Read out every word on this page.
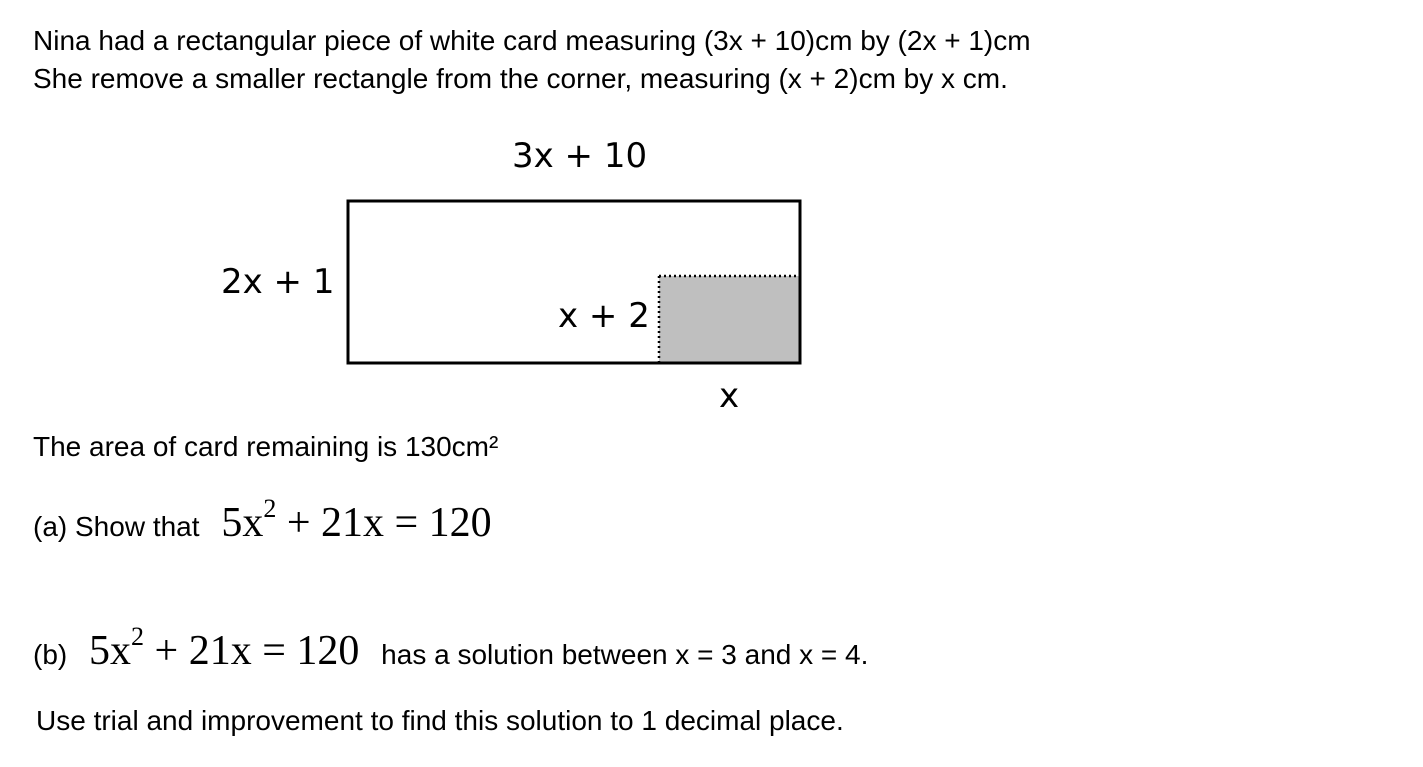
Nina had a rectangular piece of white card measuring (3x + 10)cm by (2x + 1)cm
She remove a smaller rectangle from the corner, measuring (x + 2)cm by x cm.
3x + 10
2x + 1
x + 2
x
The area of card remaining is 130cm²
(a) Show that $5x^2 + 21x = 120$
(b) $5x^2 + 21x = 120$ has a solution between x = 3 and x = 4.
Use trial and improvement to find this solution to 1 decimal place.
